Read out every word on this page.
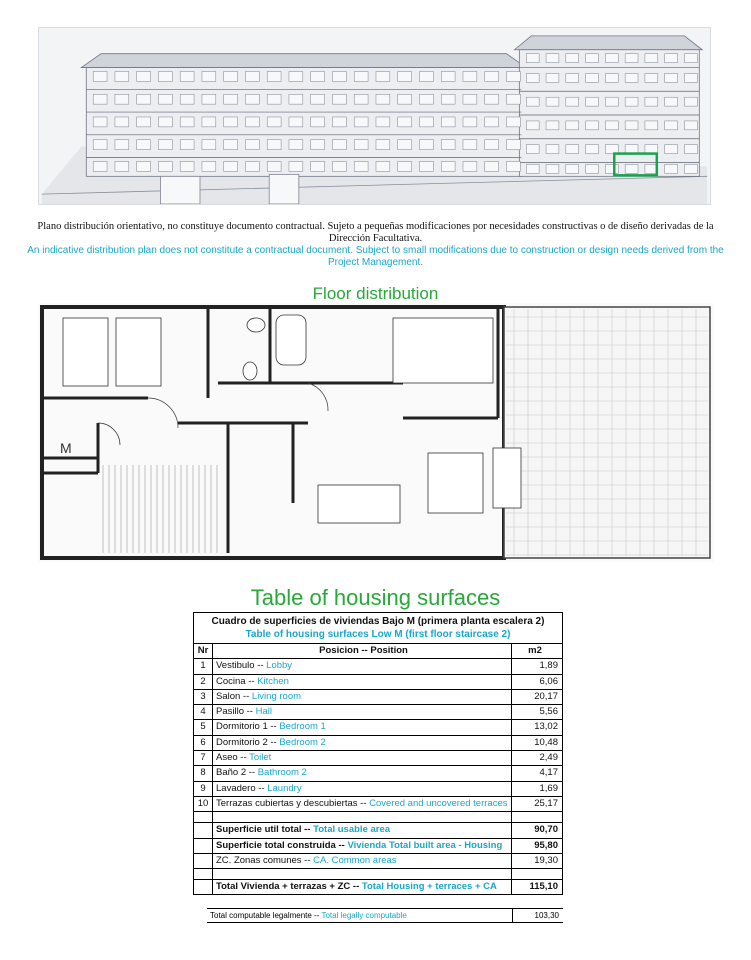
Plano distribución orientativo, no constituye documento contractual. Sujeto a pequeñas modificaciones por necesidades constructivas o de diseño derivadas de la Dirección Facultativa.
An indicative distribution plan does not constitute a contractual document. Subject to small modifications due to construction or design needs derived from the Project Management.
Floor distribution
M
Table of housing surfaces
Cuadro de superficies de viviendas Bajo M (primera planta escalera 2)
Table of housing surfaces Low M (first floor staircase 2)
Nr	Posicion -- Position	m2
1	Vestibulo -- Lobby	1,89
2	Cocina -- Kitchen	6,06
3	Salon -- Living room	20,17
4	Pasillo -- Hall	5,56
5	Dormitorio 1 -- Bedroom 1	13,02
6	Dormitorio 2 -- Bedroom 2	10,48
7	Aseo -- Toilet	2,49
8	Baño 2 -- Bathroom 2	4,17
9	Lavadero -- Laundry	1,69
10 Terrazas cubiertas y descubiertas -- Covered and uncovered terraces	25,17
Superficie util total -- Total usable area	90,70
Superficie total construida -- Vivienda Total built area - Housing	95,80
ZC. Zonas comunes -- CA. Common areas	19,30
Total Vivienda + terrazas + ZC -- Total Housing + terraces + CA	115,10
Total computable legalmente -- Total legally computable	103,30
